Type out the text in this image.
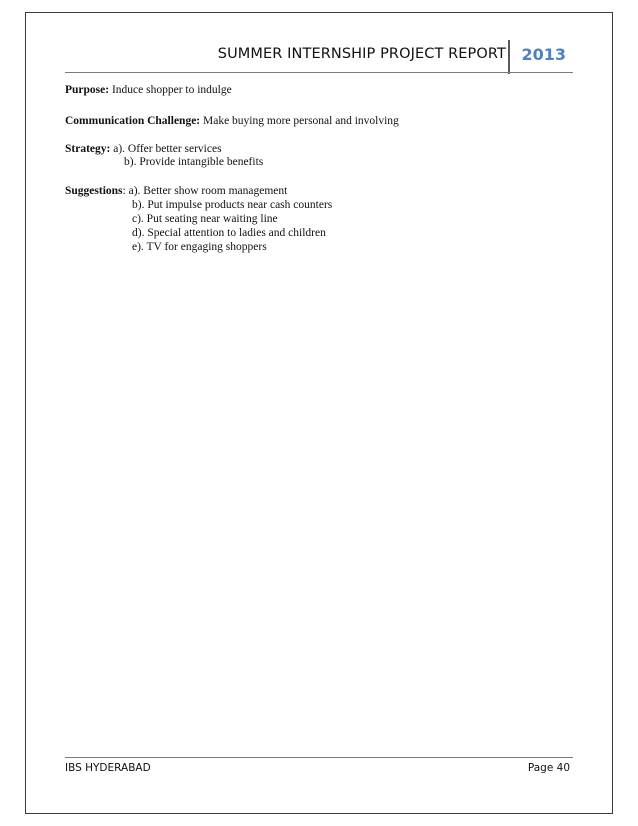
SUMMER INTERNSHIP PROJECT REPORT 2013
Purpose: Induce shopper to indulge
Communication Challenge: Make buying more personal and involving
Strategy: a). Offer better services
b). Provide intangible benefits
Suggestions: a). Better show room management
b). Put impulse products near cash counters
c). Put seating near waiting line
d). Special attention to ladies and children
e). TV for engaging shoppers
IBS HYDERABAD	Page 40
